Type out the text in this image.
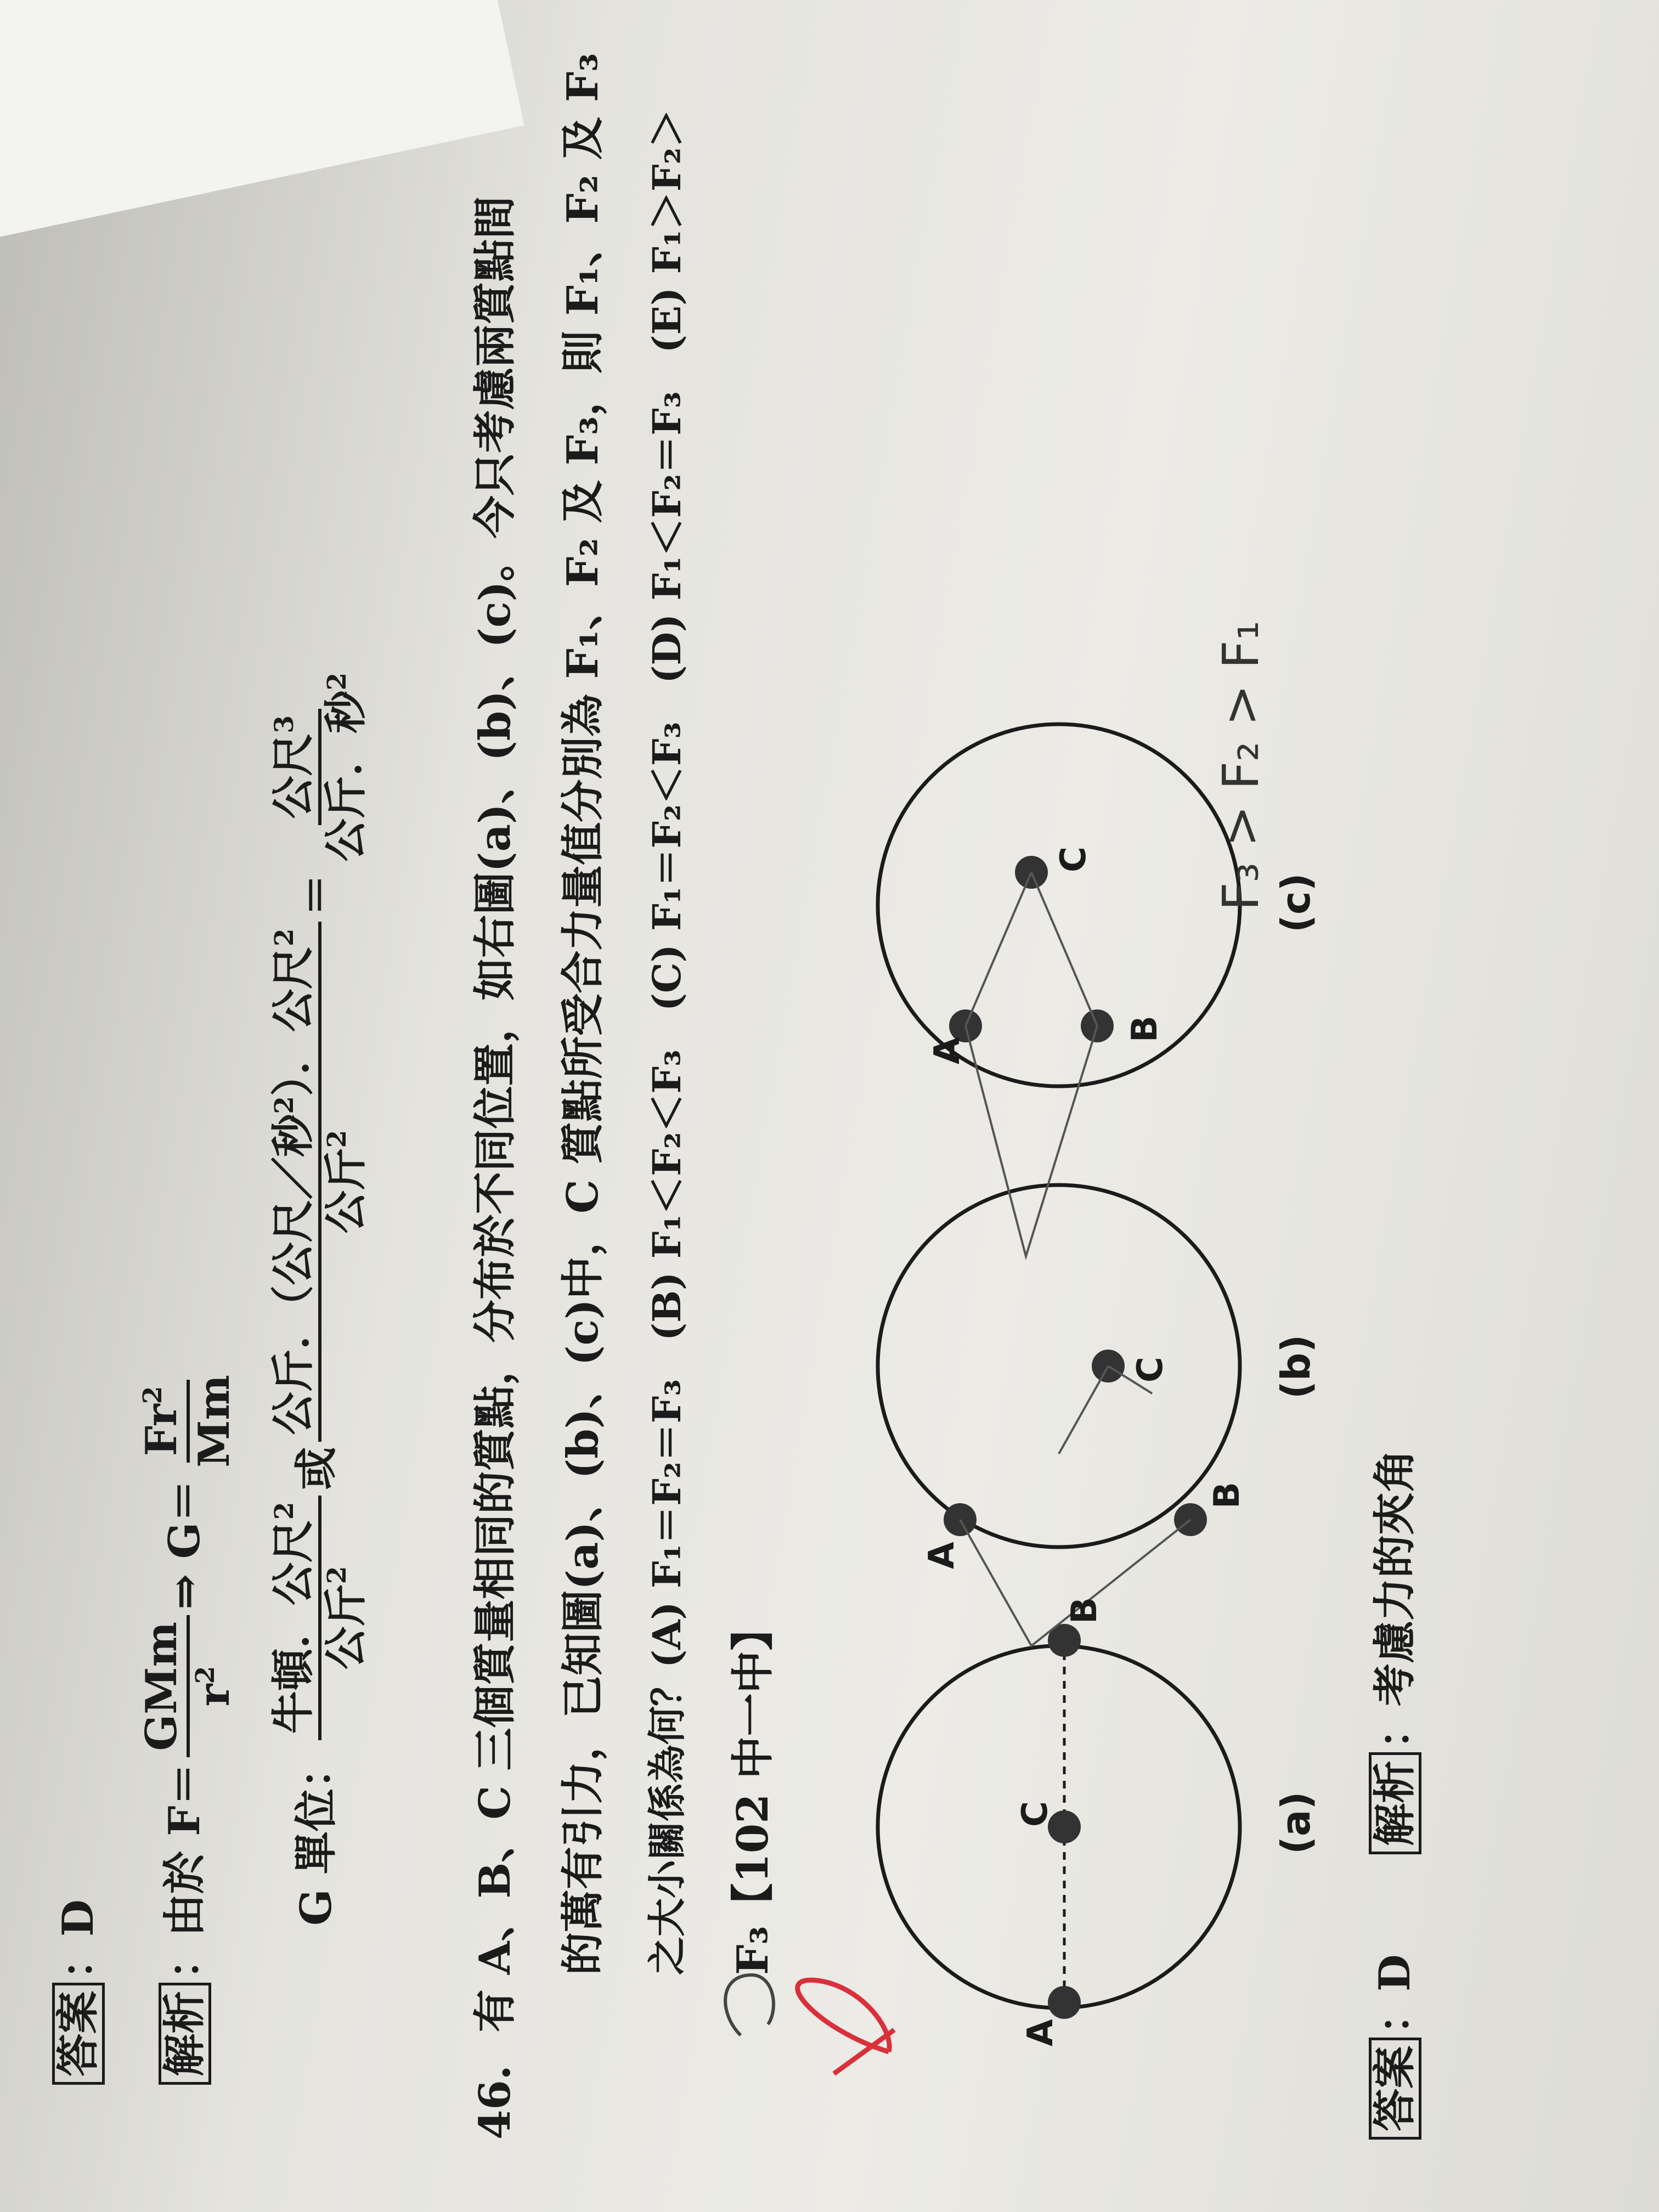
答案：D
解析：由於 F＝
GMm $r^2$
⇒ G＝
$Fr^2$ Mm
G 單位：
牛頓．公尺$^2$
公斤$^2$
或
公斤．（公尺／秒$^2$）．公尺$^2$
公斤$^2$
＝
公尺$^3$ 公斤．秒$^2$
46.有 A、B、C 三個質量相同的質點，分布於不同位置，如右圖(a)、(b)、(c)。今只考慮兩質點間 的萬有引力，已知圖(a)、(b)、(c)中，C 質點所受合力量值分別為 F₁、F₂ 及 F₃，則 F₁、F₂ 及 F₃ 之大小關係為何？(A) F₁＝F₂＝F₃　(B) F₁＜F₂＜F₃　(C) F₁＝F₂＜F₃　(D) F₁＜F₂＝F₃　(E) F₁＞F₂＞ F₃【102 中一中】
A
C
B
A
C
B
A
B
C
(a)
(b)
(c)
F₃ > F₂ > F₁
答案：D
解析：考慮力的夾角
